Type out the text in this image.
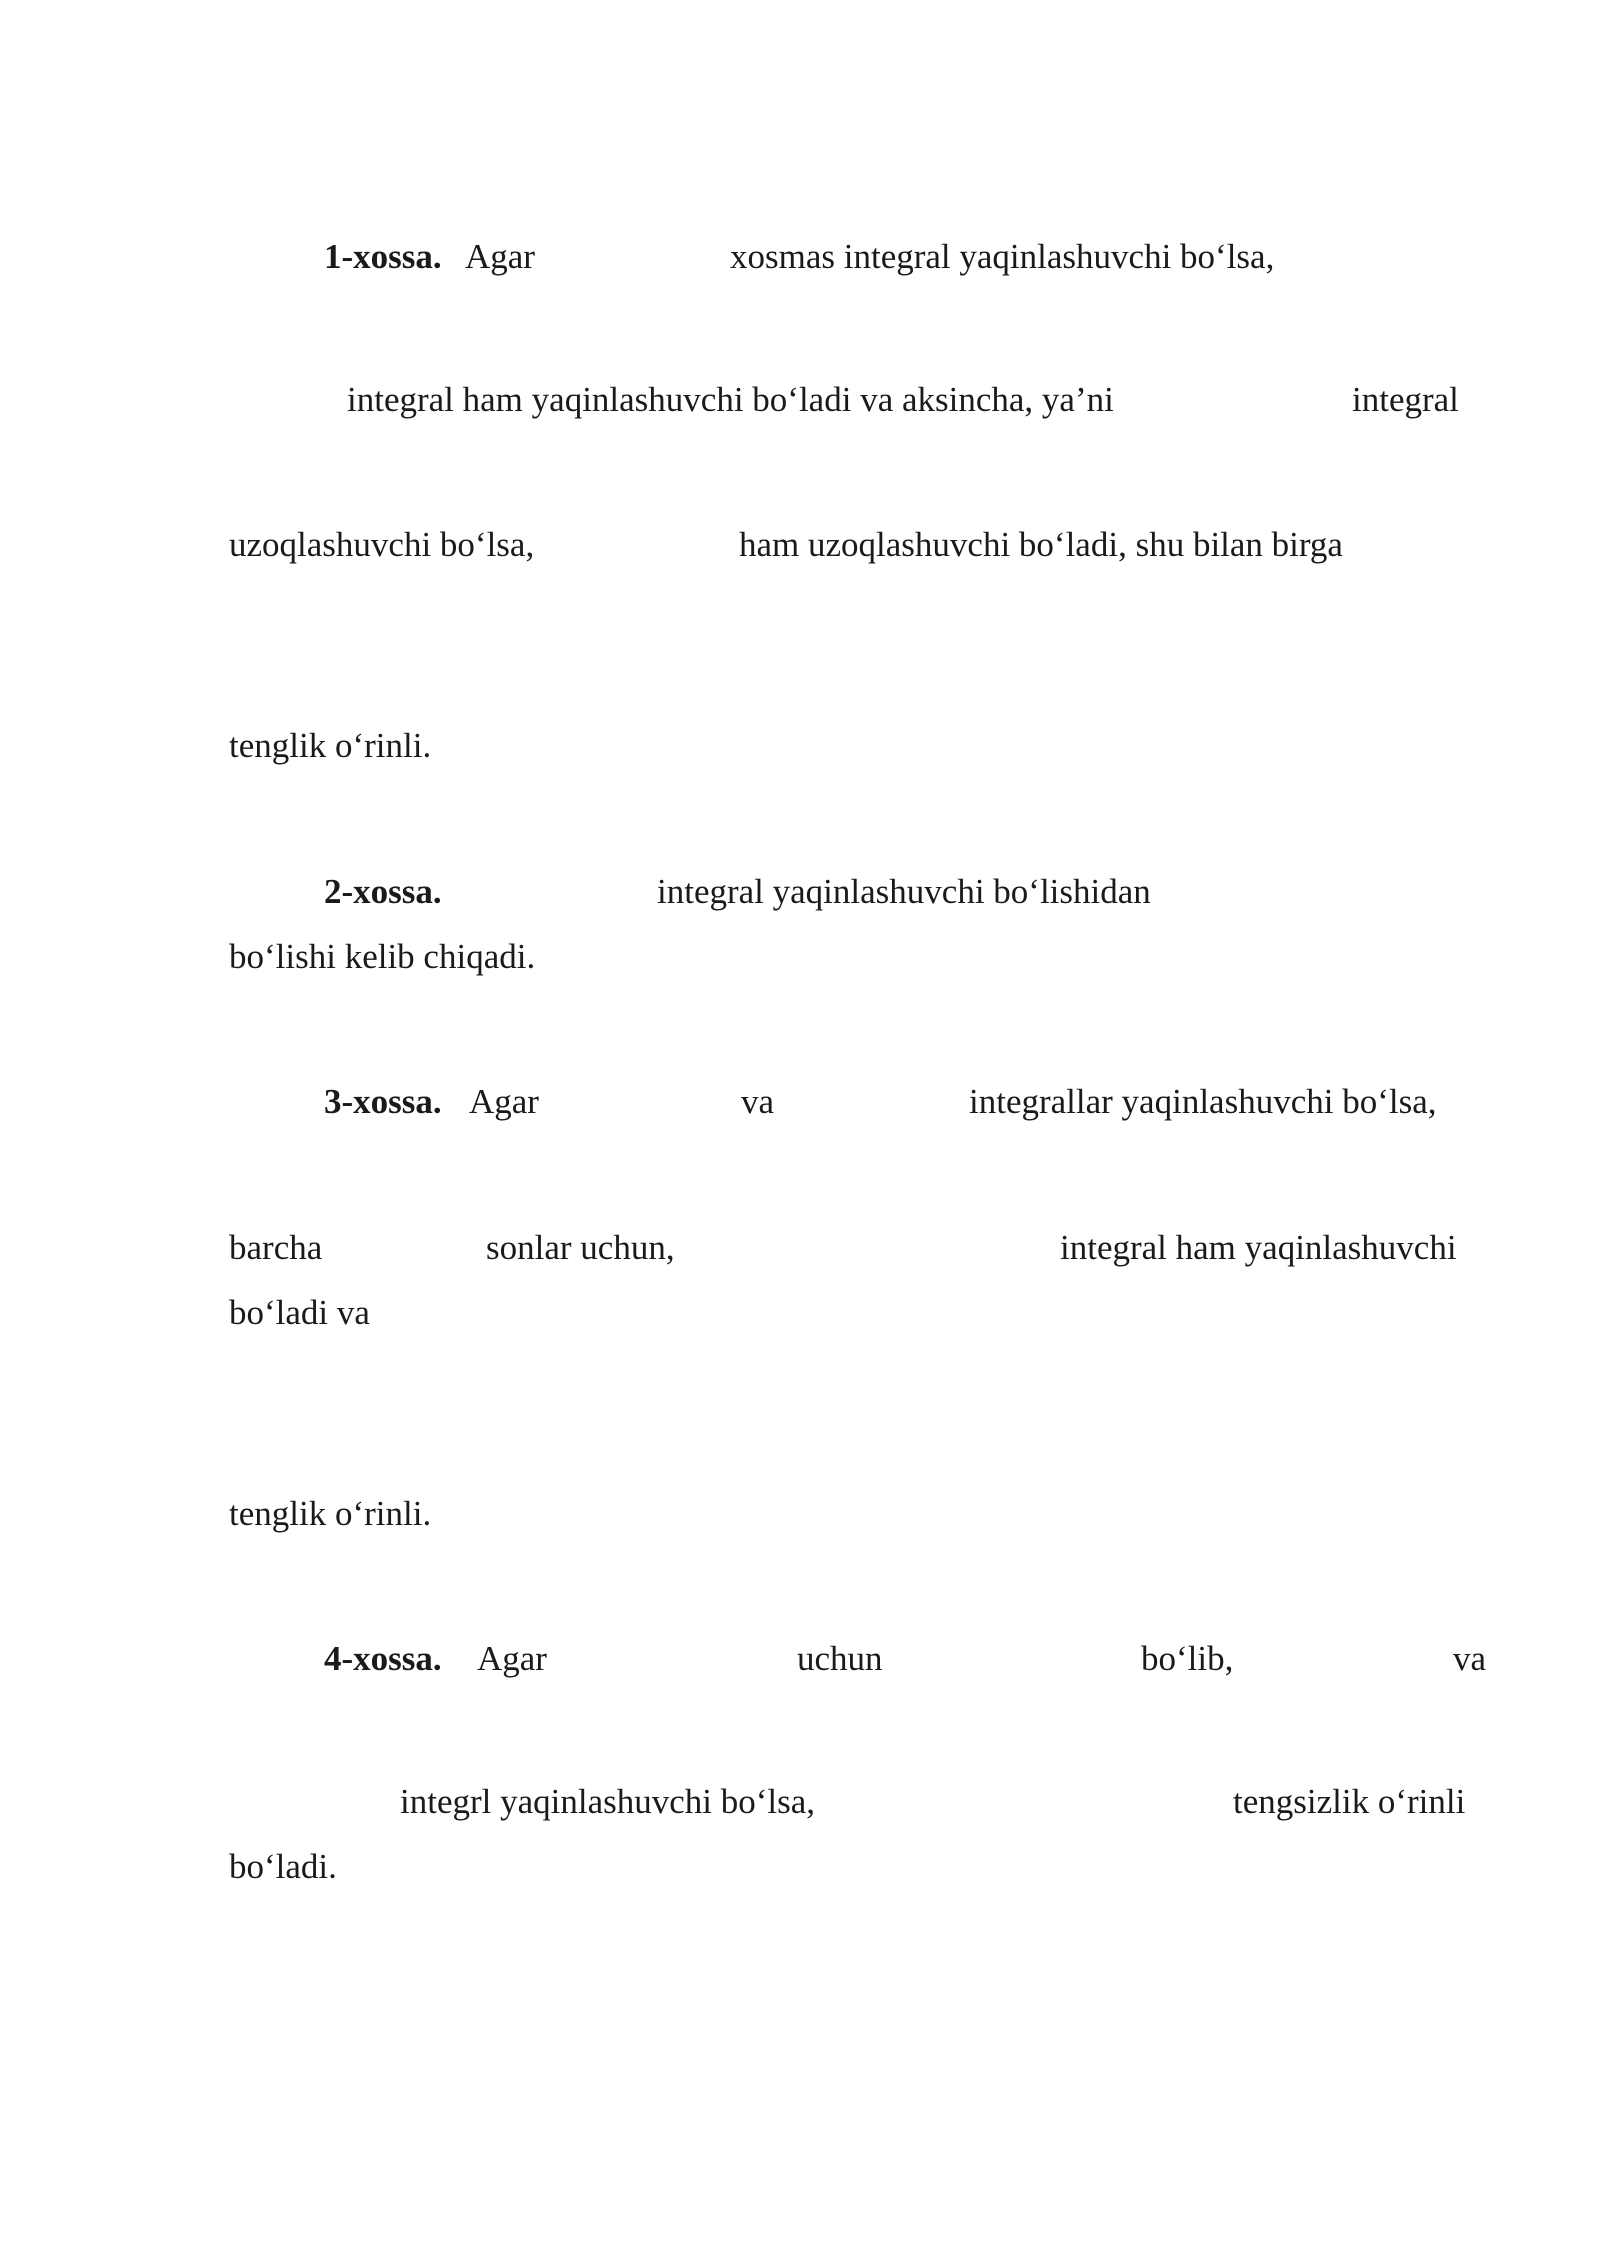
1-xossa. Agar	xosmas integral yaqinlashuvchi bo‘lsa,
integral ham yaqinlashuvchi bo‘ladi va aksincha, ya’ni	integral
uzoqlashuvchi bo‘lsa,	ham uzoqlashuvchi bo‘ladi, shu bilan birga
tenglik o‘rinli.
2-xossa.	integral yaqinlashuvchi bo‘lishidan
bo‘lishi kelib chiqadi.
3-xossa. Agar	va	integrallar yaqinlashuvchi bo‘lsa,
barcha	sonlar uchun,	integral ham yaqinlashuvchi
bo‘ladi va
tenglik o‘rinli.
4-xossa. Agar	uchun	bo‘lib,	va
integrl yaqinlashuvchi bo‘lsa,	tengsizlik o‘rinli
bo‘ladi.
